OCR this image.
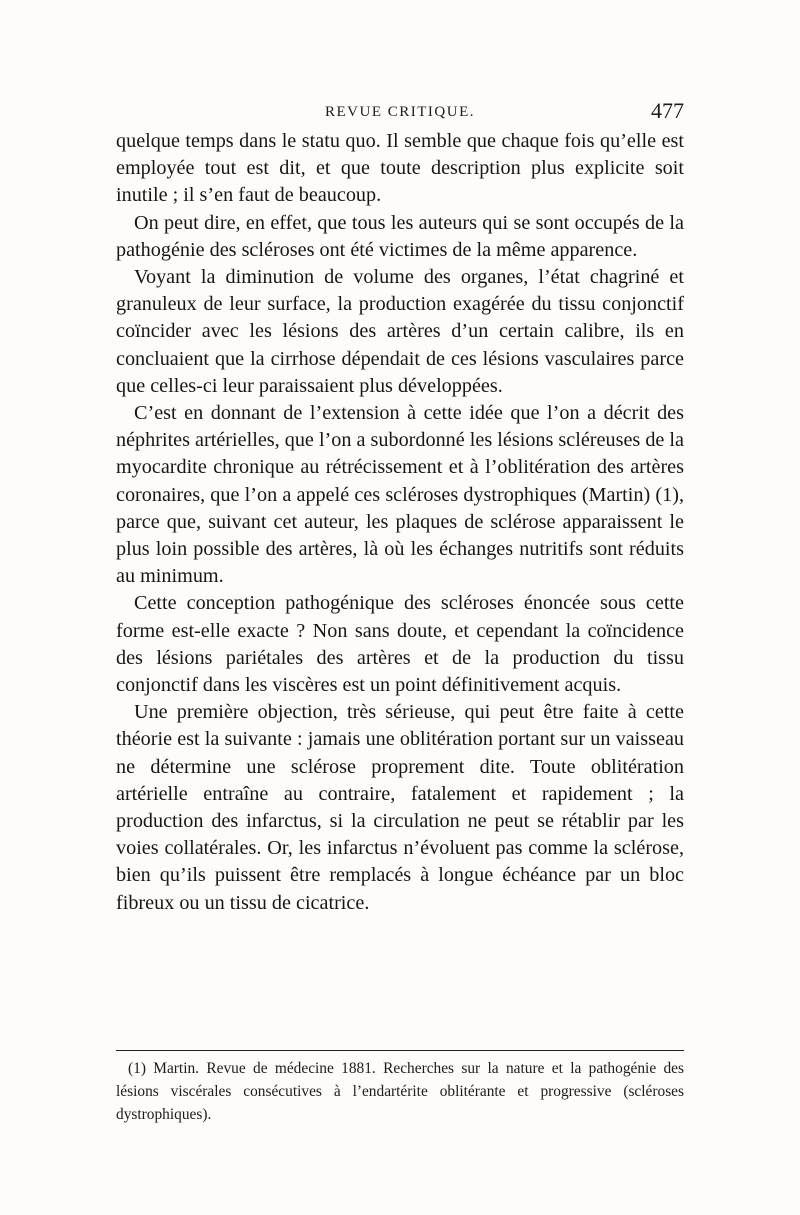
REVUE CRITIQUE.	477

quelque temps dans le statu quo. Il semble que chaque fois qu’elle est employée tout est dit, et que toute description plus explicite soit inutile ; il s’en faut de beaucoup.

On peut dire, en effet, que tous les auteurs qui se sont occupés de la pathogénie des scléroses ont été victimes de la même apparence.

Voyant la diminution de volume des organes, l’état chagriné et granuleux de leur surface, la production exagérée du tissu conjonctif coïncider avec les lésions des artères d’un certain calibre, ils en concluaient que la cirrhose dépendait de ces lésions vasculaires parce que celles-ci leur paraissaient plus développées.

C’est en donnant de l’extension à cette idée que l’on a décrit des néphrites artérielles, que l’on a subordonné les lésions scléreuses de la myocardite chronique au rétrécissement et à l’oblitération des artères coronaires, que l’on a appelé ces scléroses dystrophiques (Martin) (1), parce que, suivant cet auteur, les plaques de sclérose apparaissent le plus loin possible des artères, là où les échanges nutritifs sont réduits au minimum.

Cette conception pathogénique des scléroses énoncée sous cette forme est-elle exacte ? Non sans doute, et cependant la coïncidence des lésions pariétales des artères et de la production du tissu conjonctif dans les viscères est un point définitivement acquis.

Une première objection, très sérieuse, qui peut être faite à cette théorie est la suivante : jamais une oblitération portant sur un vaisseau ne détermine une sclérose proprement dite. Toute oblitération artérielle entraîne au contraire, fatalement et rapidement ; la production des infarctus, si la circulation ne peut se rétablir par les voies collatérales. Or, les infarctus n’évoluent pas comme la sclérose, bien qu’ils puissent être remplacés à longue échéance par un bloc fibreux ou un tissu de cicatrice.

(1) Martin. Revue de médecine 1881. Recherches sur la nature et la pathogénie des lésions viscérales consécutives à l’endartérite oblitérante et progressive (scléroses dystrophiques).
